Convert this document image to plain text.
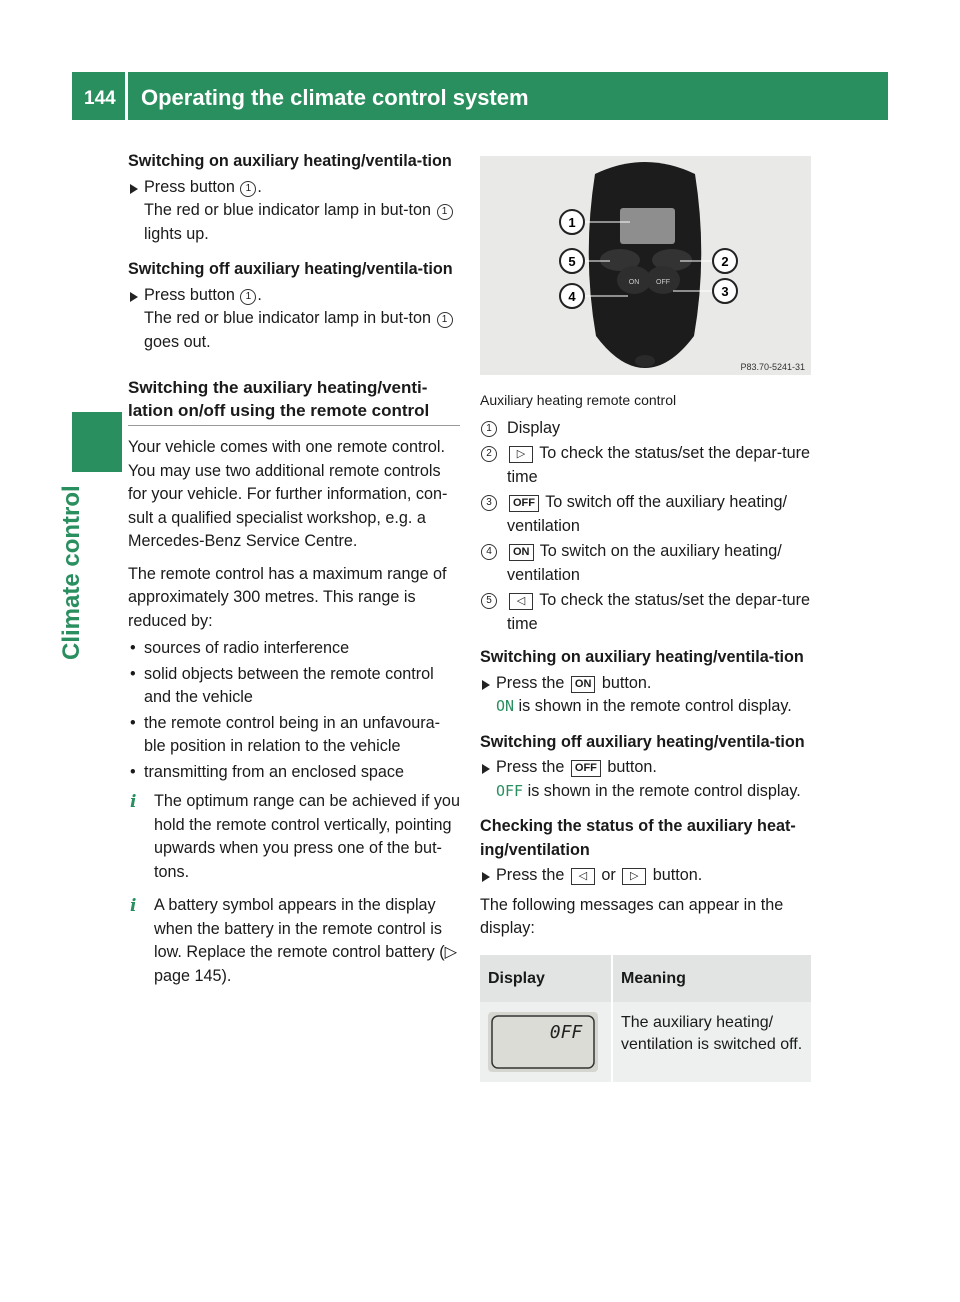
144 Operating the climate control system
Climate control
Switching on auxiliary heating/ventila-tion
Press button 1 .
The red or blue indicator lamp in but-ton 1 lights up.
Switching off auxiliary heating/ventila-tion
Press button 1 .
The red or blue indicator lamp in but-ton 1 goes out.
Switching the auxiliary heating/venti-lation on/off using the remote control

Your vehicle comes with one remote control. You may use two additional remote controls for your vehicle. For further information, con-sult a qualified specialist workshop, e.g. a Mercedes-Benz Service Centre.

The remote control has a maximum range of approximately 300 metres. This range is reduced by:

• sources of radio interference
• solid objects between the remote control and the vehicle
• the remote control being in an unfavoura-ble position in relation to the vehicle
• transmitting from an enclosed space
i The optimum range can be achieved if you hold the remote control vertically, pointing upwards when you press one of the but-tons.
i A battery symbol appears in the display when the battery in the remote control is low. Replace the remote control battery (▷ page 145).
ON OFF
1
5
4
2
3
P83.70-5241-31
Auxiliary heating remote control
1 Display
2	▷ To check the status/set the depar-ture time
3	OFF To switch off the auxiliary heating/ ventilation
4	ON To switch on the auxiliary heating/ ventilation
5	◁ To check the status/set the depar-ture time
Switching on auxiliary heating/ventila-tion
Press the ON button.
ON is shown in the remote control display.
Switching off auxiliary heating/ventila-tion
Press the OFF button.
OFF is shown in the remote control display.
Checking the status of the auxiliary heat-ing/ventilation
Press the ◁ or ▷ button.

The following messages can appear in the display:

Display	Meaning

0FF	The auxiliary heating/ ventilation is switched off.
